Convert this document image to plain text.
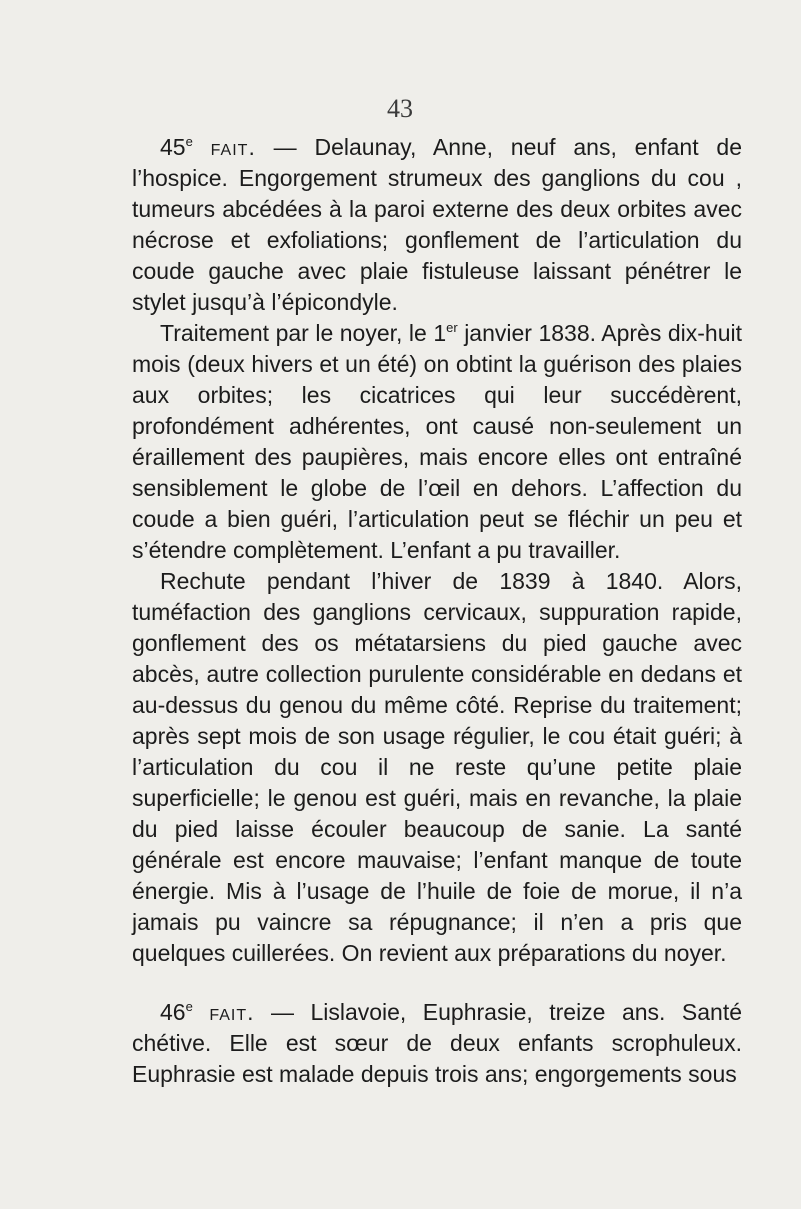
43

45e fait. — Delaunay, Anne, neuf ans, enfant de l’hospice. Engorgement strumeux des ganglions du cou , tumeurs abcédées à la paroi externe des deux orbites avec nécrose et exfoliations; gonflement de l’articulation du coude gauche avec plaie fistuleuse laissant pénétrer le stylet jusqu’à l’épicondyle.

Traitement par le noyer, le 1er janvier 1838. Après dix-huit mois (deux hivers et un été) on obtint la guérison des plaies aux orbites; les cicatrices qui leur succédèrent, profondément adhérentes, ont causé non-seulement un éraillement des paupières, mais encore elles ont entraîné sensiblement le globe de l’œil en dehors. L’affection du coude a bien guéri, l’articulation peut se fléchir un peu et s’étendre complètement. L’enfant a pu travailler.

Rechute pendant l’hiver de 1839 à 1840. Alors, tuméfaction des ganglions cervicaux, suppuration rapide, gonflement des os métatarsiens du pied gauche avec abcès, autre collection purulente considérable en dedans et au-dessus du genou du même côté. Reprise du traitement; après sept mois de son usage régulier, le cou était guéri; à l’articulation du cou il ne reste qu’une petite plaie superficielle; le genou est guéri, mais en revanche, la plaie du pied laisse écouler beaucoup de sanie. La santé générale est encore mauvaise; l’enfant manque de toute énergie. Mis à l’usage de l’huile de foie de morue, il n’a jamais pu vaincre sa répugnance; il n’en a pris que quelques cuillerées. On revient aux préparations du noyer.

46e fait. — Lislavoie, Euphrasie, treize ans. Santé chétive. Elle est sœur de deux enfants scrophuleux. Euphrasie est malade depuis trois ans; engorgements sous
